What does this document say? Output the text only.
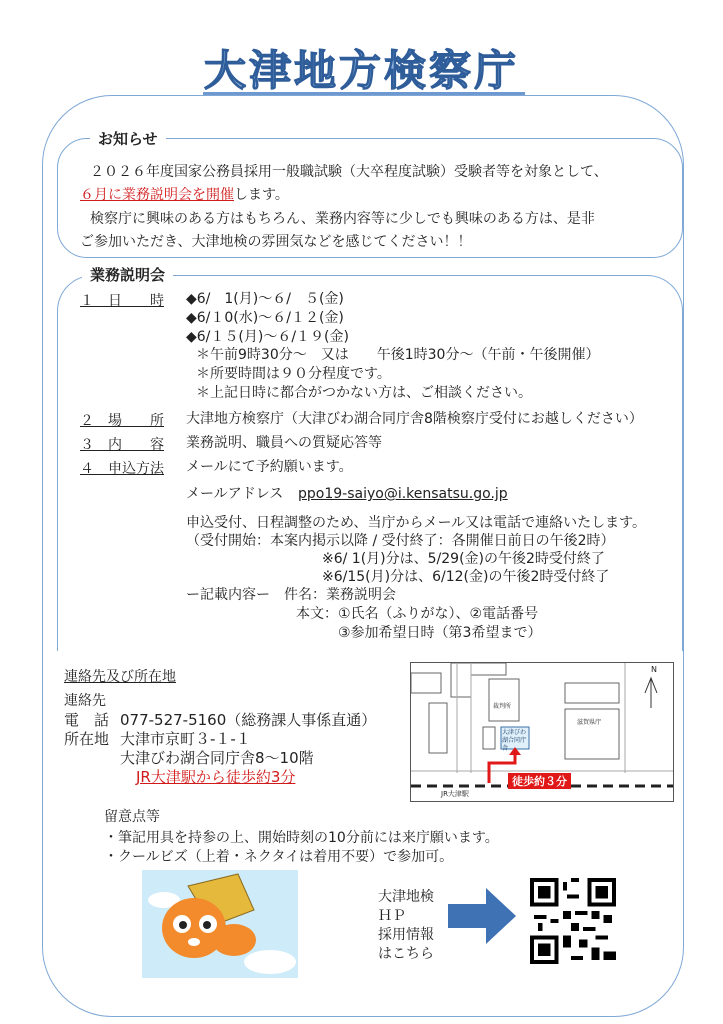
大津地方検察庁
お知らせ
２０２６年度国家公務員採用一般職試験（大卒程度試験）受験者等を対象として、
６月に業務説明会を開催します。
検察庁に興味のある方はもちろん、業務内容等に少しでも興味のある方は、是非
ご参加いただき、大津地検の雰囲気などを感じてください！！
業務説明会
１　日　　時 ◆6/　1(月)～６/　５(金)
◆6/１0(水)～６/１２(金)
◆6/１５(月)～６/１９(金)
＊午前9時30分～　又は　　午後1時30分～（午前・午後開催）
＊所要時間は９０分程度です。
＊上記日時に都合がつかない方は、ご相談ください。
２　場　　所 大津地方検察庁（大津びわ湖合同庁舎8階検察庁受付にお越しください）
３　内　　容 業務説明、職員への質疑応答等
４　申込方法 メールにて予約願います。
メールアドレス ppo19-saiyo@i.kensatsu.go.jp
申込受付、日程調整のため、当庁からメール又は電話で連絡いたします。
（受付開始：本案内掲示以降 / 受付終了：各開催日前日の午後2時）
※6/ 1(月)分は、5/29(金)の午後2時受付終了
※6/15(月)分は、6/12(金)の午後2時受付終了
ー記載内容ー　件名：業務説明会
本文：①氏名（ふりがな）、②電話番号
③参加希望日時（第3希望まで）
連絡先及び所在地
連絡先
電　話 077-527-5160（総務課人事係直通）
所在地 大津市京町３-１-１
大津びわ湖合同庁舎8～10階
JR大津駅から徒歩約3分
N
裁判所
滋賀県庁
大津びわ湖合同庁舎
JR大津駅
徒歩約３分
留意点等
・筆記用具を持参の上、開始時刻の10分前には来庁願います。
・クールビズ（上着・ネクタイは着用不要）で参加可。
大津地検
ＨＰ
採用情報
はこちら
